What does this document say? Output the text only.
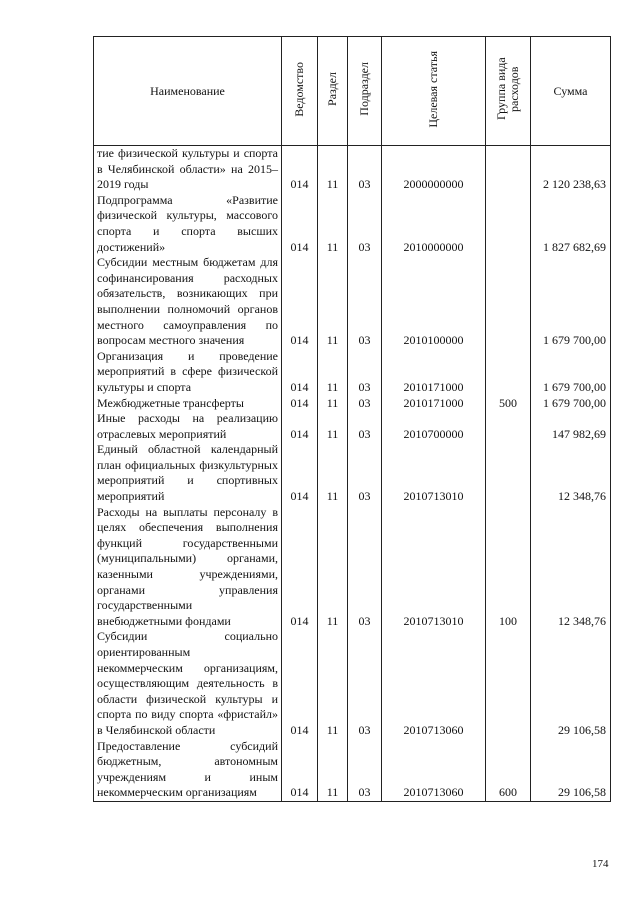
Наименование	Ведомство	Раздел	Подраздел	Целевая статья	Группа вида расходов	Сумма
тие физической культуры и спорта в Челябинской области» на 2015–2019 годы	014	11	03	2000000000		2 120 238,63
Подпрограмма «Развитие физической культуры, массового спорта и спорта высших достижений»	014	11	03	2010000000		1 827 682,69
Субсидии местным бюджетам для софинансирования расходных обязательств, возникающих при выполнении полномочий органов местного самоуправления по вопросам местного значения	014	11	03	2010100000		1 679 700,00
Организация и проведение мероприятий в сфере физической культуры и спорта	014	11	03	2010171000		1 679 700,00
Межбюджетные трансферты	014	11	03	2010171000	500	1 679 700,00
Иные расходы на реализацию отраслевых мероприятий	014	11	03	2010700000		147 982,69
Единый областной календарный план официальных физкультурных мероприятий и спортивных мероприятий	014	11	03	2010713010		12 348,76
Расходы на выплаты персоналу в целях обеспечения выполнения функций государственными (муниципальными) органами, казенными учреждениями, органами управления государственными внебюджетными фондами	014	11	03	2010713010	100	12 348,76
Субсидии социально ориентированным некоммерческим организациям, осуществляющим деятельность в области физической культуры и спорта по виду спорта «фристайл» в Челябинской области	014	11	03	2010713060		29 106,58
Предоставление субсидий бюджетным, автономным учреждениям и иным некоммерческим организациям	014	11	03	2010713060	600	29 106,58
174
